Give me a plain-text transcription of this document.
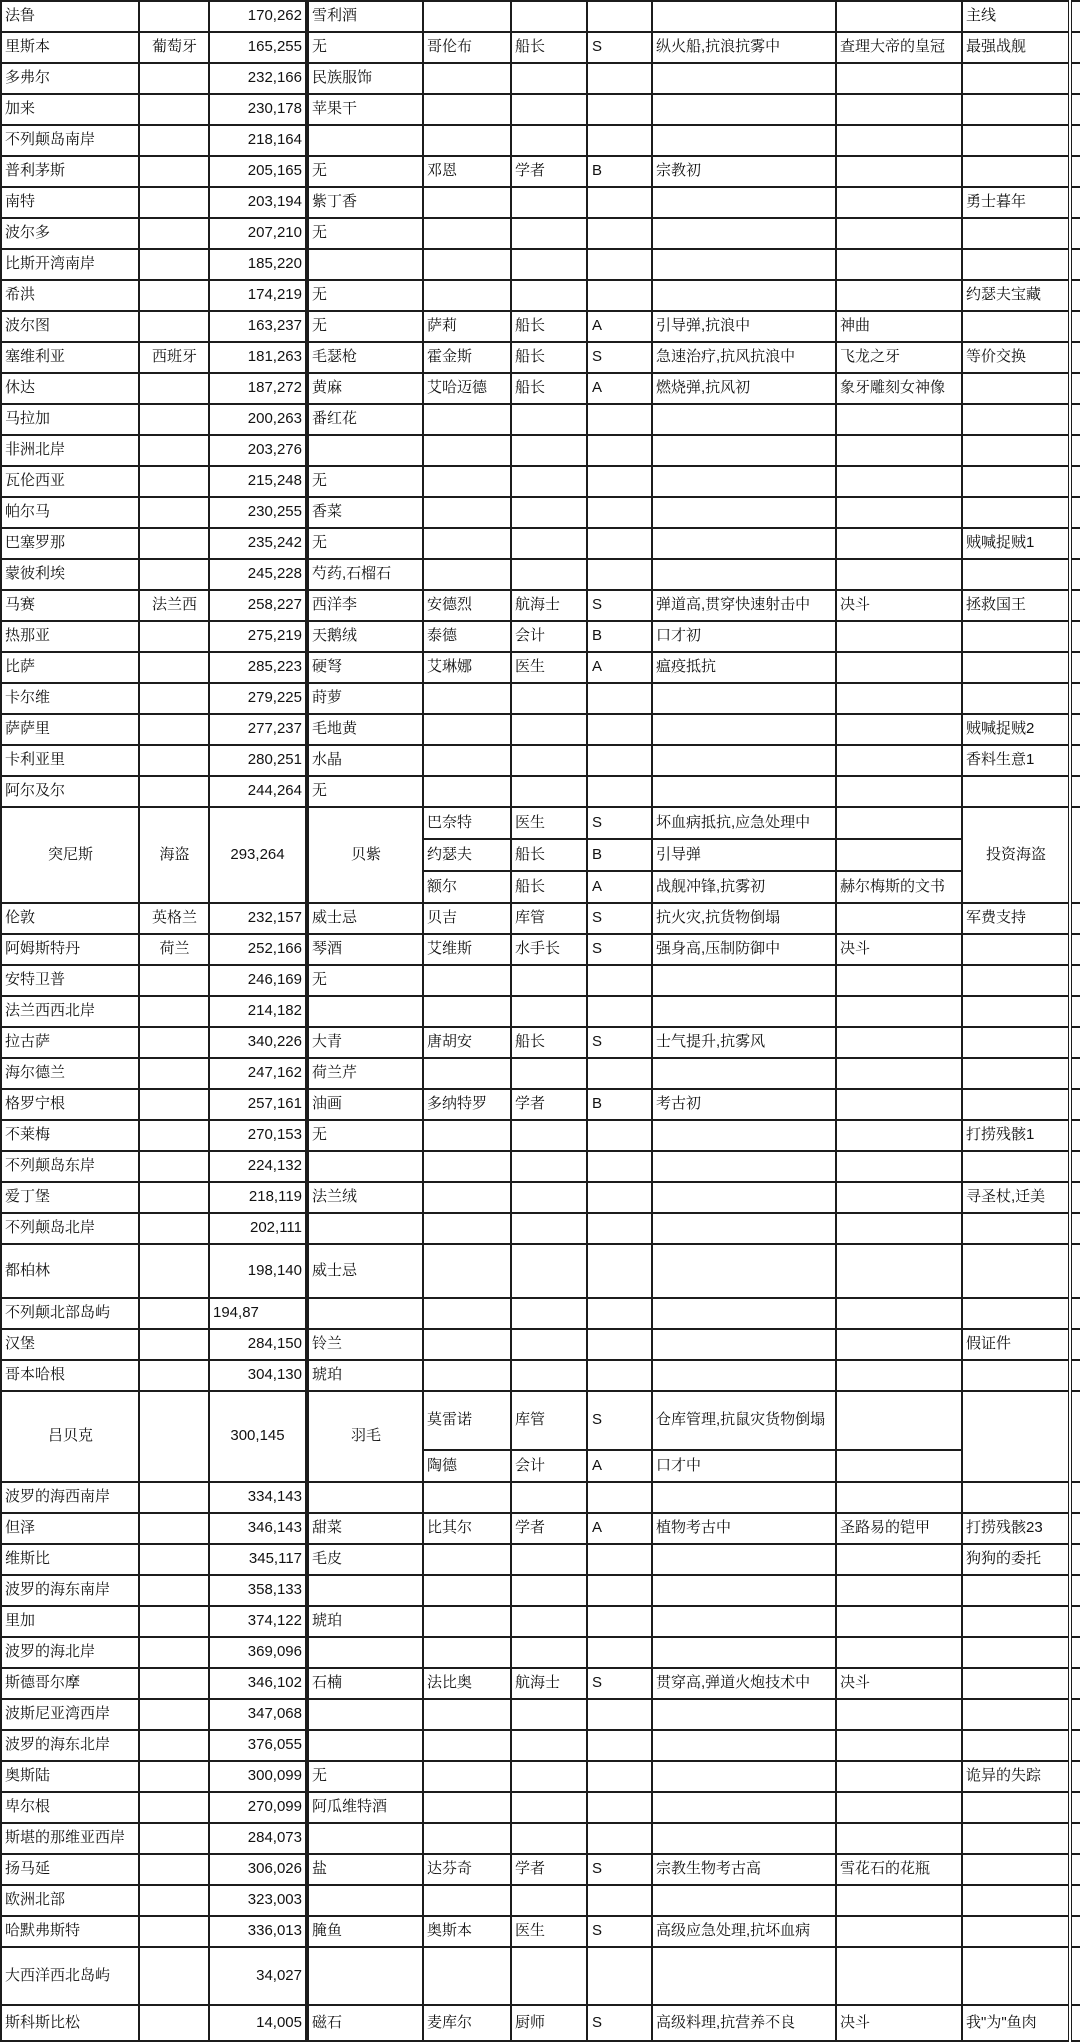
法鲁		170,262	雪利酒						主线	
里斯本	葡萄牙	165,255	无	哥伦布	船长	S	纵火船,抗浪抗雾中	查理大帝的皇冠	最强战舰	
多弗尔		232,166	民族服饰							
加来		230,178	苹果干							
不列颠岛南岸		218,164								
普利茅斯		205,165	无	邓恩	学者	B	宗教初			
南特		203,194	紫丁香						勇士暮年	
波尔多		207,210	无							
比斯开湾南岸		185,220								
希洪		174,219	无						约瑟夫宝藏	
波尔图		163,237	无	萨莉	船长	A	引导弹,抗浪中	神曲		
塞维利亚	西班牙	181,263	毛瑟枪	霍金斯	船长	S	急速治疗,抗风抗浪中	飞龙之牙	等价交换	
休达		187,272	黄麻	艾哈迈德	船长	A	燃烧弹,抗风初	象牙雕刻女神像		
马拉加		200,263	番红花							
非洲北岸		203,276								
瓦伦西亚		215,248	无							
帕尔马		230,255	香菜							
巴塞罗那		235,242	无						贼喊捉贼1	
蒙彼利埃		245,228	芍药,石榴石							
马赛	法兰西	258,227	西洋李	安德烈	航海士	S	弹道高,贯穿快速射击中	决斗	拯救国王	
热那亚		275,219	天鹅绒	泰德	会计	B	口才初			
比萨		285,223	硬弩	艾琳娜	医生	A	瘟疫抵抗			
卡尔维		279,225	莳萝							
萨萨里		277,237	毛地黄						贼喊捉贼2	
卡利亚里		280,251	水晶						香料生意1	
阿尔及尔		244,264	无							
突尼斯	海盗	293,264	贝紫	巴奈特	医生	S	坏血病抵抗,应急处理中		投资海盗	
				约瑟夫	船长	B	引导弹			
				额尔	船长	A	战舰冲锋,抗雾初	赫尔梅斯的文书		
伦敦	英格兰	232,157	威士忌	贝吉	库管	S	抗火灾,抗货物倒塌		军费支持	
阿姆斯特丹	荷兰	252,166	琴酒	艾维斯	水手长	S	强身高,压制防御中	决斗		
安特卫普		246,169	无							
法兰西西北岸		214,182								
拉古萨		340,226	大青	唐胡安	船长	S	士气提升,抗雾风			
海尔德兰		247,162	荷兰芹							
格罗宁根		257,161	油画	多纳特罗	学者	B	考古初			
不莱梅		270,153	无						打捞残骸1	
不列颠岛东岸		224,132								
爱丁堡		218,119	法兰绒						寻圣杖,迁美	
不列颠岛北岸		202,111								
都柏林		198,140	威士忌							
不列颠北部岛屿		194,87								
汉堡		284,150	铃兰						假证件	
哥本哈根		304,130	琥珀							
吕贝克		300,145	羽毛	莫雷诺	库管	S	仓库管理,抗鼠灾货物倒塌			
				陶德	会计	A	口才中			
波罗的海西南岸		334,143								
但泽		346,143	甜菜	比其尔	学者	A	植物考古中	圣路易的铠甲	打捞残骸23	
维斯比		345,117	毛皮						狗狗的委托	
波罗的海东南岸		358,133								
里加		374,122	琥珀							
波罗的海北岸		369,096								
斯德哥尔摩		346,102	石楠	法比奥	航海士	S	贯穿高,弹道火炮技术中	决斗		
波斯尼亚湾西岸		347,068								
波罗的海东北岸		376,055								
奥斯陆		300,099	无						诡异的失踪	
卑尔根		270,099	阿瓜维特酒							
斯堪的那维亚西岸		284,073								
扬马延		306,026	盐	达芬奇	学者	S	宗教生物考古高	雪花石的花瓶		
欧洲北部		323,003								
哈默弗斯特		336,013	腌鱼	奥斯本	医生	S	高级应急处理,抗坏血病			
大西洋西北岛屿		34,027								
斯科斯比松		14,005	磁石	麦库尔	厨师	S	高级料理,抗营养不良	决斗	我"为"鱼肉	
